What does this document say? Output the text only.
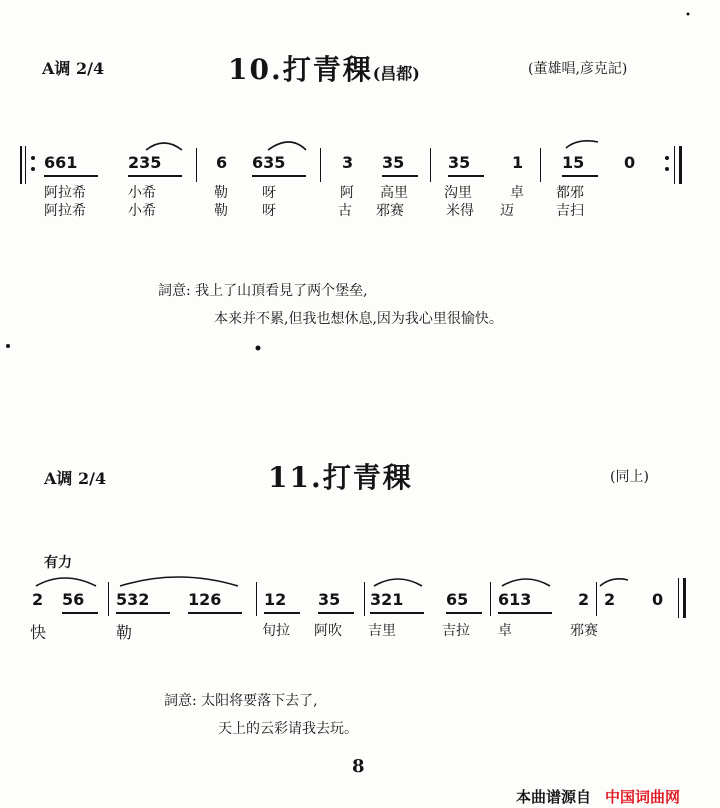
A调 2/4	10.打青稞(昌都)	(董雄唱,彦克記)
661	235	6 635	3 35	35	1 15 0
阿拉希	小希	勒 呀	阿 高里	沟里	卓 都邪
阿拉希	小希	勒 呀	古 邪赛	米得 迈	吉扫
詞意: 我上了山頂看見了两个堡垒,
本来并不累,但我也想休息,因为我心里很愉快。
A调 2/4	11.打青稞	(同上)
有力
2 56 532 126	12 35 321	65 613	2 2 0
快	勒	旬拉 阿吹 吉里	吉拉 卓	邪赛
詞意: 太阳将要落下去了,
天上的云彩请我去玩。
8
本曲谱源自 中国词曲网
